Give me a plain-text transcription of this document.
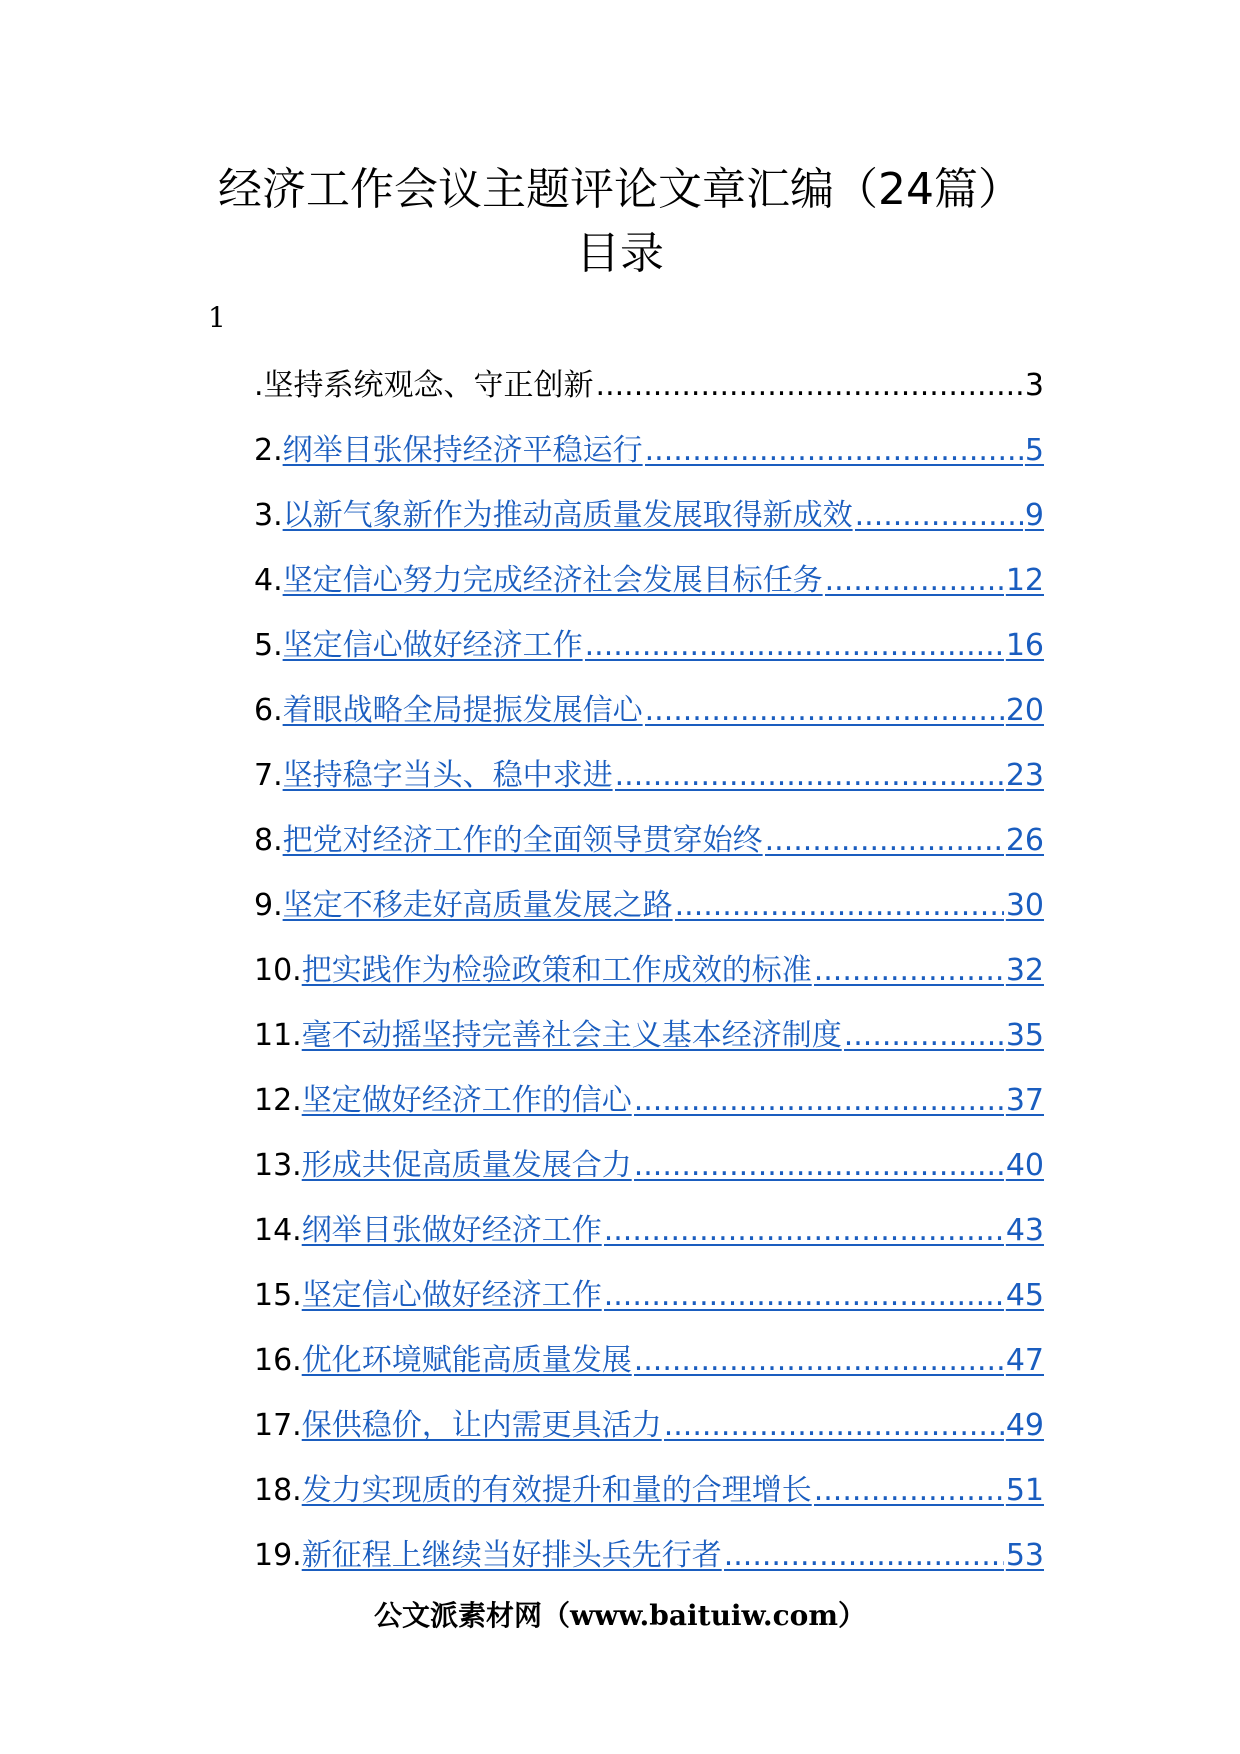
经济工作会议主题评论文章汇编（24篇）
目录
1
.坚持系统观念、守正创新 .....	3
2. 纲举目张保持经济平稳运行 .....	5
3. 以新气象新作为推动高质量发展取得新成效 .....	9
4. 坚定信心努力完成经济社会发展目标任务 .....	12
5. 坚定信心做好经济工作 .....	16
6. 着眼战略全局提振发展信心 .....	20
7. 坚持稳字当头、稳中求进 .....	23
8. 把党对经济工作的全面领导贯穿始终 .....	26
9. 坚定不移走好高质量发展之路 .....	30
10. 把实践作为检验政策和工作成效的标准 .....	32
11. 毫不动摇坚持完善社会主义基本经济制度 .....	35
12. 坚定做好经济工作的信心 .....	37
13. 形成共促高质量发展合力 .....	40
14. 纲举目张做好经济工作 .....	43
15. 坚定信心做好经济工作 .....	45
16. 优化环境赋能高质量发展 .....	47
17. 保供稳价，让内需更具活力 .....	49
18. 发力实现质的有效提升和量的合理增长 .....	51
19. 新征程上继续当好排头兵先行者 .....	53
公文派素材网（www.baituiw.com）
